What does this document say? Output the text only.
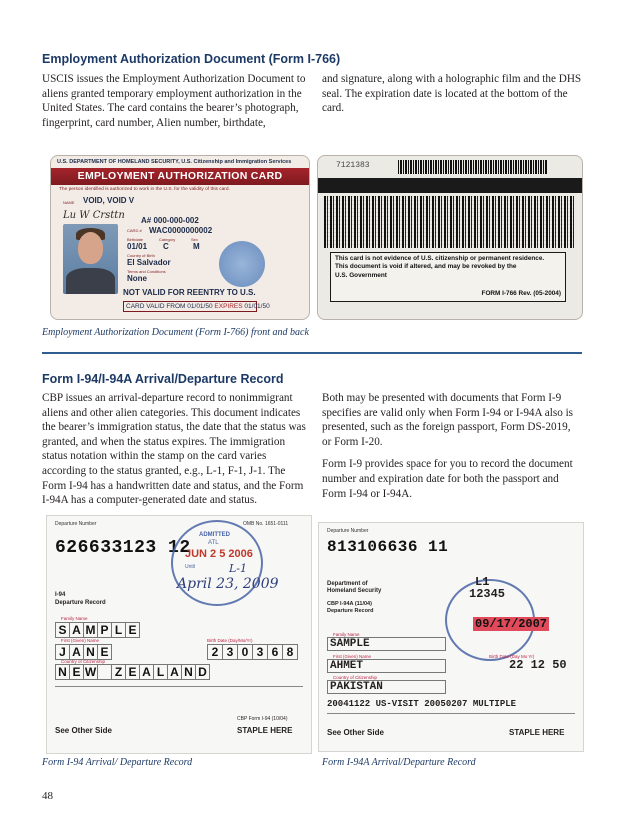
Employment Authorization Document (Form I-766)

USCIS issues the Employment Authorization Document to aliens granted temporary employment authorization in the United States. The card contains the bearer’s photograph, fingerprint, card number, Alien number, birthdate,

and signature, along with a holographic film and the DHS seal. The expiration date is located at the bottom of the card.

U.S. DEPARTMENT OF HOMELAND SECURITY, U.S. Citizenship and Immigration Services
EMPLOYMENT AUTHORIZATION CARD
The person identified is authorized to work in the U.S. for the validity of this card.
NAME VOID, VOID V
Lu W Crsttn A# 000-000-002
CARD # WAC0000000002
Birthdate	Category	Sex
01/01 C	M
Country of Birth
El Salvador
Terms and Conditions
None
NOT VALID FOR REENTRY TO U.S.
CARD VALID FROM 01/01/50 EXPIRES 01/01/50
7121383
This card is not evidence of U.S. citizenship or permanent residence.
This document is void if altered, and may be revoked by the
U.S. Government
FORM I-766 Rev. (05-2004)
Employment Authorization Document (Form I-766) front and back
Form I-94/I-94A Arrival/Departure Record

CBP issues an arrival-departure record to nonimmigrant aliens and other alien categories. This document indicates the bearer’s immigration status, the date that the status was granted, and when the status expires. The immigration status notation within the stamp on the card varies according to the status granted, e.g., L-1, F-1, J-1. The Form I-94 has a handwritten date and status, and the Form I-94A has a computer-generated date and status.

Both may be presented with documents that Form I-9 specifies are valid only when Form I-94 or I-94A also is presented, such as the foreign passport, Form DS-2019, or Form I-20.

Form I-9 provides space for you to record the document number and expiration date for both the passport and Form I-94 or I-94A.

Departure Number	OMB No. 1651-0111
626633123 12
I-94
Departure Record
ADMITTED
ATL
JUN 2 5 2006
Until	L-1
April 23, 2009
Family Name
S A M P L E
First (Given) Name	Birth Date (Day/Mo/Yr)
J A N E	2 3 0 3 6 8
Country of Citizenship
N E W	Z E A L A N D
CBP Form I-94 (10/04)
See Other Side	STAPLE HERE
Departure Number
813106636 11
Department of
Homeland Security
CBP I-94A (11/04)
Departure Record
L1
12345
09/17/2007
Family Name
SAMPLE
First (Given) Name	Birth Date (Day Mo Yr)
AHMET	22 12 50
Country of Citizenship
PAKISTAN
20041122 US-VISIT 20050207 MULTIPLE
See Other Side	STAPLE HERE
Form I-94 Arrival/ Departure Record	Form I-94A Arrival/Departure Record
48
